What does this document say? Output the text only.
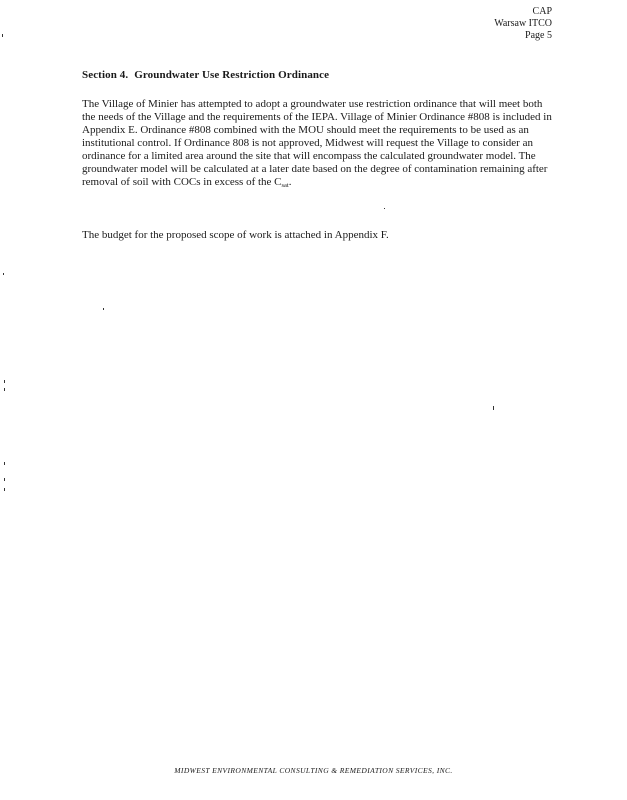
CAP
Warsaw ITCO
Page 5
Section 4. Groundwater Use Restriction Ordinance

The Village of Minier has attempted to adopt a groundwater use restriction ordinance that will meet both the needs of the Village and the requirements of the IEPA. Village of Minier Ordinance #808 is included in Appendix E. Ordinance #808 combined with the MOU should meet the requirements to be used as an institutional control. If Ordinance 808 is not approved, Midwest will request the Village to consider an ordinance for a limited area around the site that will encompass the calculated groundwater model. The groundwater model will be calculated at a later date based on the degree of contamination remaining after removal of soil with COCs in excess of the $C_{sat}$.

The budget for the proposed scope of work is attached in Appendix F.

MIDWEST ENVIRONMENTAL CONSULTING & REMEDIATION SERVICES, INC.
